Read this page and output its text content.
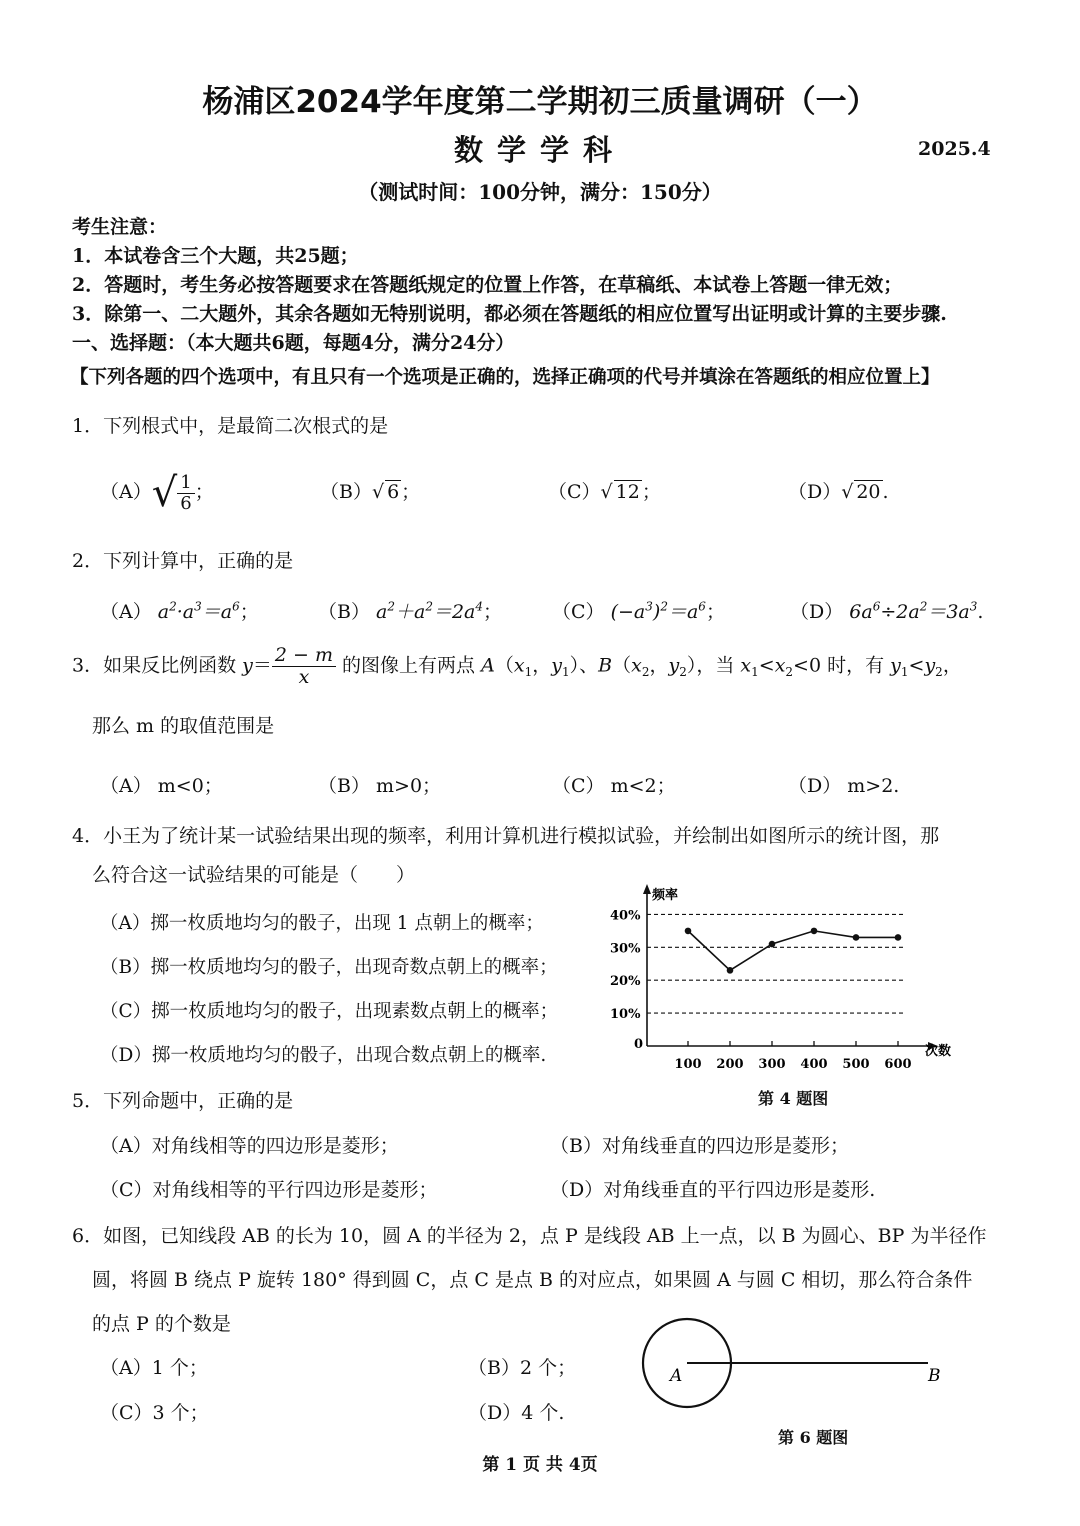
杨浦区2024学年度第二学期初三质量调研（一）
数学学科	2025.4
（测试时间：100分钟，满分：150分）
考生注意：
1．本试卷含三个大题，共25题；
2．答题时，考生务必按答题要求在答题纸规定的位置上作答，在草稿纸、本试卷上答题一律无效；
3．除第一、二大题外，其余各题如无特别说明，都必须在答题纸的相应位置写出证明或计算的主要步骤.
一、选择题：（本大题共6题，每题4分，满分24分）
【下列各题的四个选项中，有且只有一个选项是正确的，选择正确项的代号并填涂在答题纸的相应位置上】
1．下列根式中，是最简二次根式的是
$(A)√ \frac{1}{6}$ ；	（B）√ 6 ；	（C）√ 12 ；	（D）√ 20 .
2．下列计算中，正确的是
（A） $a^2\cdot a^3=a^6$；	（B） $a^2+a^2=2a^4$；	（C） $(-a^3)^2=a^6$；	（D） $6a^6\div 2a^2=3a^3$.
3．如果反比例函数 $y= \frac{2 - m}{x}$ 的图像上有两点 $A(x_1$，$y_1$）、$B(x_2$，$y_2$），当 $x_1<x_2<0$ 时，有 $y_1<y_2$，
那么 m 的取值范围是
（A） m<0；	（B） m>0；	（C） m<2；	（D） m>2.
4．小王为了统计某一试验结果出现的频率，利用计算机进行模拟试验，并绘制出如图所示的统计图，那
么符合这一试验结果的可能是（　　）
（A）掷一枚质地均匀的骰子，出现 1 点朝上的概率；
（B）掷一枚质地均匀的骰子，出现奇数点朝上的概率；
（C）掷一枚质地均匀的骰子，出现素数点朝上的概率；
（D）掷一枚质地均匀的骰子，出现合数点朝上的概率.
频率
次数
0
10%
20%
30%
40%
100 200 300 400 500 600
第 4 题图
5．下列命题中，正确的是
（A）对角线相等的四边形是菱形；	（B）对角线垂直的四边形是菱形；
（C）对角线相等的平行四边形是菱形；	（D）对角线垂直的平行四边形是菱形.
6．如图，已知线段 AB 的长为 10，圆 A 的半径为 2，点 P 是线段 AB 上一点，以 B 为圆心、BP 为半径作
圆，将圆 B 绕点 P 旋转 180° 得到圆 C，点 C 是点 B 的对应点，如果圆 A 与圆 C 相切，那么符合条件
的点 P 的个数是
（A）1 个；	（B）2 个；
（C）3 个；	（D）4 个.
A	B
第 6 题图
第 1 页 共 4页
